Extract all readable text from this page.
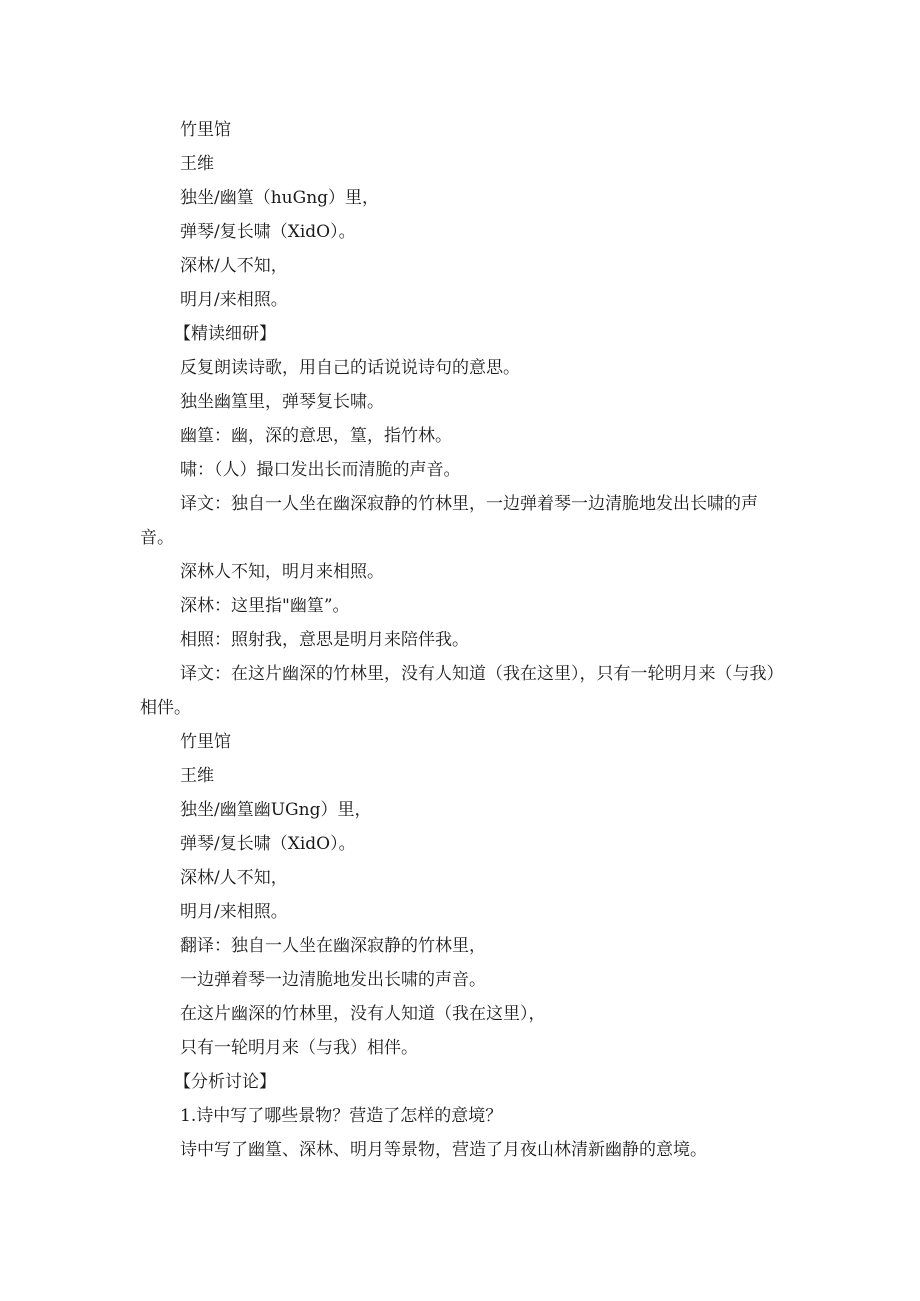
竹里馆
王维
独坐/幽篁（huGng）里，
弹琴/复长啸（XidO）。
深林/人不知，
明月/来相照。
【精读细研】
反复朗读诗歌，用自己的话说说诗句的意思。
独坐幽篁里，弹琴复长啸。
幽篁：幽，深的意思，篁，指竹林。
啸：（人）撮口发出长而清脆的声音。
译文：独自一人坐在幽深寂静的竹林里，一边弹着琴一边清脆地发出长啸的声音。
深林人不知，明月来相照。
深林：这里指"幽篁”。
相照：照射我，意思是明月来陪伴我。
译文：在这片幽深的竹林里，没有人知道（我在这里），只有一轮明月来（与我）相伴。
竹里馆
王维
独坐/幽篁幽UGng）里，
弹琴/复长啸（XidO）。
深林/人不知，
明月/来相照。
翻译：独自一人坐在幽深寂静的竹林里，
一边弹着琴一边清脆地发出长啸的声音。
在这片幽深的竹林里，没有人知道（我在这里），
只有一轮明月来（与我）相伴。
【分析讨论】
1.诗中写了哪些景物？营造了怎样的意境？
诗中写了幽篁、深林、明月等景物，营造了月夜山林清新幽静的意境。
